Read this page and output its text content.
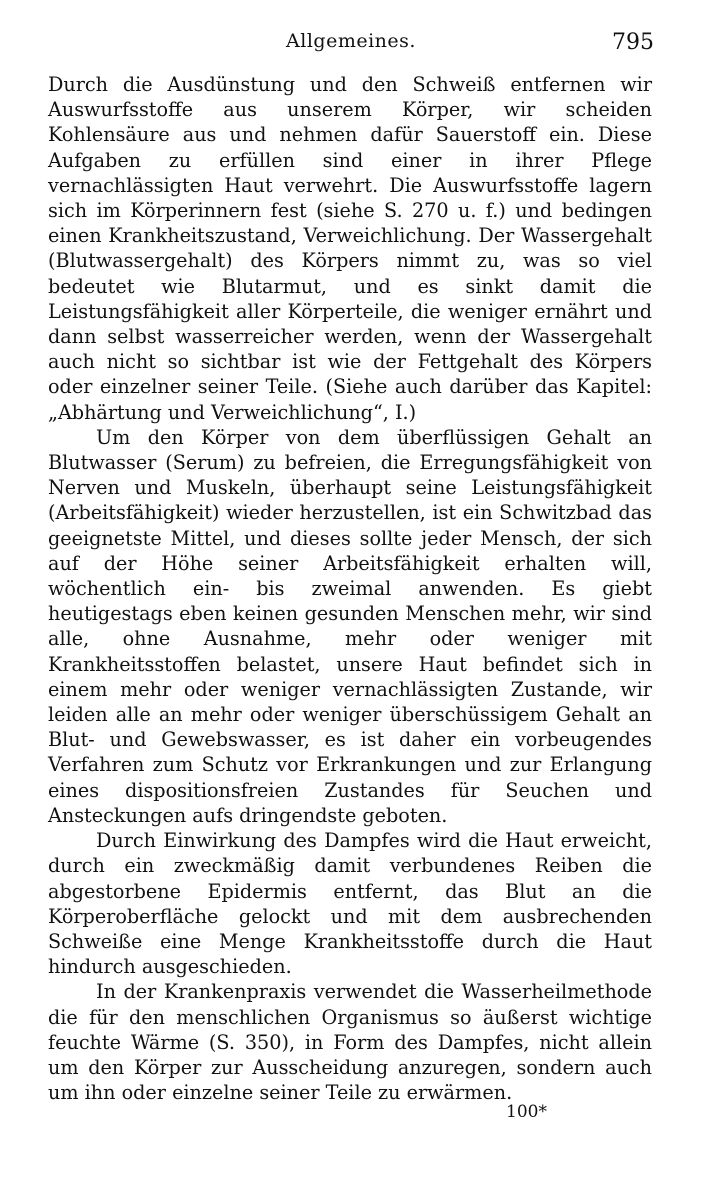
Allgemeines.	795

Durch die Ausdünstung und den Schweiß entfernen wir Auswurfsstoffe aus unserem Körper, wir scheiden Kohlensäure aus und nehmen dafür Sauerstoff ein. Diese Aufgaben zu erfüllen sind einer in ihrer Pflege vernachlässigten Haut verwehrt. Die Auswurfsstoffe lagern sich im Körperinnern fest (siehe S. 270 u. f.) und bedingen einen Krankheitszustand, Verweichlichung. Der Wassergehalt (Blutwassergehalt) des Körpers nimmt zu, was so viel bedeutet wie Blutarmut, und es sinkt damit die Leistungsfähigkeit aller Körperteile, die weniger ernährt und dann selbst wasserreicher werden, wenn der Wassergehalt auch nicht so sichtbar ist wie der Fettgehalt des Körpers oder einzelner seiner Teile. (Siehe auch darüber das Kapitel: „Abhärtung und Verweichlichung“, I.)

Um den Körper von dem überflüssigen Gehalt an Blutwasser (Serum) zu befreien, die Erregungsfähigkeit von Nerven und Muskeln, überhaupt seine Leistungsfähigkeit (Arbeitsfähigkeit) wieder herzustellen, ist ein Schwitzbad das geeignetste Mittel, und dieses sollte jeder Mensch, der sich auf der Höhe seiner Arbeitsfähigkeit erhalten will, wöchentlich ein- bis zweimal anwenden. Es giebt heutigestags eben keinen gesunden Menschen mehr, wir sind alle, ohne Ausnahme, mehr oder weniger mit Krankheitsstoffen belastet, unsere Haut befindet sich in einem mehr oder weniger vernachlässigten Zustande, wir leiden alle an mehr oder weniger überschüssigem Gehalt an Blut- und Gewebswasser, es ist daher ein vorbeugendes Verfahren zum Schutz vor Erkrankungen und zur Erlangung eines dispositionsfreien Zustandes für Seuchen und Ansteckungen aufs dringendste geboten.

Durch Einwirkung des Dampfes wird die Haut erweicht, durch ein zweckmäßig damit verbundenes Reiben die abgestorbene Epidermis entfernt, das Blut an die Körperoberfläche gelockt und mit dem ausbrechenden Schweiße eine Menge Krankheitsstoffe durch die Haut hindurch ausgeschieden.

In der Krankenpraxis verwendet die Wasserheilmethode die für den menschlichen Organismus so äußerst wichtige feuchte Wärme (S. 350), in Form des Dampfes, nicht allein um den Körper zur Ausscheidung anzuregen, sondern auch um ihn oder einzelne seiner Teile zu erwärmen.

100*
